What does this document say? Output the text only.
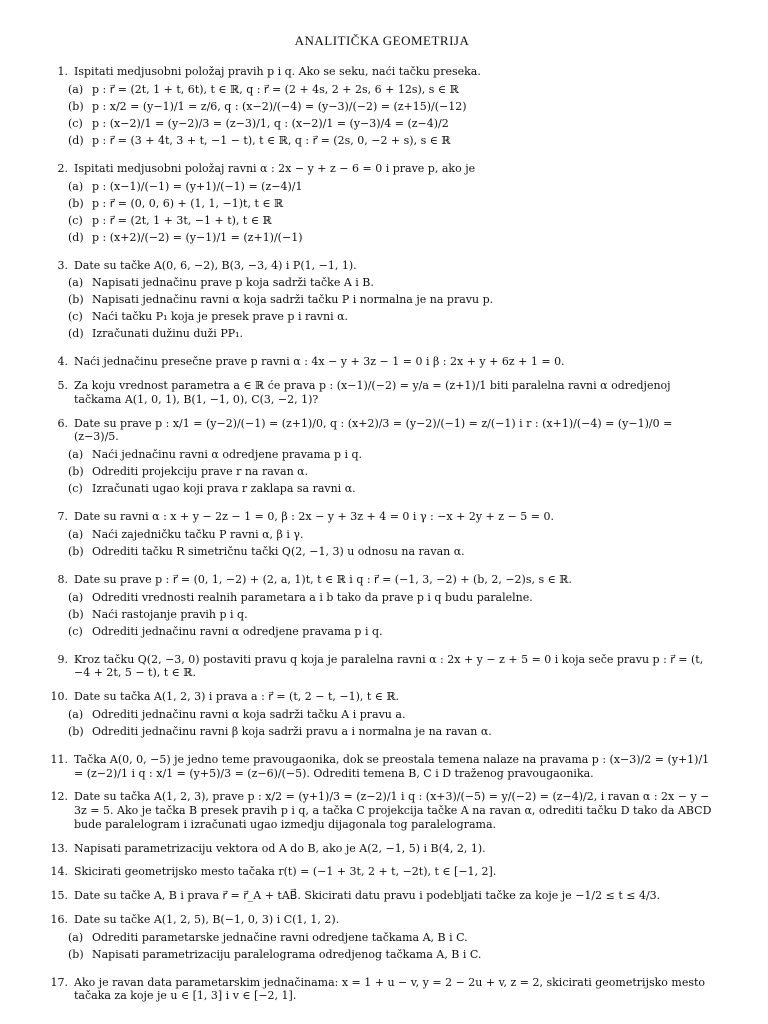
ANALITIČKA GEOMETRIJA
1. Ispitati medjusobni položaj pravih p i q. Ako se seku, naći tačku preseka.
(a) p : r⃗ = (2t, 1 + t, 6t), t ∈ ℝ, q : r⃗ = (2 + 4s, 2 + 2s, 6 + 12s), s ∈ ℝ
(b) p : x/2 = (y−1)/1 = z/6, q : (x−2)/(−4) = (y−3)/(−2) = (z+15)/(−12)
(c) p : (x−2)/1 = (y−2)/3 = (z−3)/1, q : (x−2)/1 = (y−3)/4 = (z−4)/2
(d) p : r⃗ = (3 + 4t, 3 + t, −1 − t), t ∈ ℝ, q : r⃗ = (2s, 0, −2 + s), s ∈ ℝ
2. Ispitati medjusobni položaj ravni α : 2x − y + z − 6 = 0 i prave p, ako je
(a) p : (x−1)/(−1) = (y+1)/(−1) = (z−4)/1
(b) p : r⃗ = (0, 0, 6) + (1, 1, −1)t, t ∈ ℝ
(c) p : r⃗ = (2t, 1 + 3t, −1 + t), t ∈ ℝ
(d) p : (x+2)/(−2) = (y−1)/1 = (z+1)/(−1)
3. Date su tačke A(0, 6, −2), B(3, −3, 4) i P(1, −1, 1).
(a) Napisati jednačinu prave p koja sadrži tačke A i B.
(b) Napisati jednačinu ravni α koja sadrži tačku P i normalna je na pravu p.
(c) Naći tačku P₁ koja je presek prave p i ravni α.
(d) Izračunati dužinu duži PP₁.
4. Naći jednačinu presečne prave p ravni α : 4x − y + 3z − 1 = 0 i β : 2x + y + 6z + 1 = 0.
5. Za koju vrednost parametra a ∈ ℝ će prava p : (x−1)/(−2) = y/a = (z+1)/1 biti paralelna ravni α odredjenoj tačkama A(1, 0, 1), B(1, −1, 0), C(3, −2, 1)?
6. Date su prave p : x/1 = (y−2)/(−1) = (z+1)/0, q : (x+2)/3 = (y−2)/(−1) = z/(−1) i r : (x+1)/(−4) = (y−1)/0 = (z−3)/5.
(a) Naći jednačinu ravni α odredjene pravama p i q.
(b) Odrediti projekciju prave r na ravan α.
(c) Izračunati ugao koji prava r zaklapa sa ravni α.
7. Date su ravni α : x + y − 2z − 1 = 0, β : 2x − y + 3z + 4 = 0 i γ : −x + 2y + z − 5 = 0.
(a) Naći zajedničku tačku P ravni α, β i γ.
(b) Odrediti tačku R simetričnu tački Q(2, −1, 3) u odnosu na ravan α.
8. Date su prave p : r⃗ = (0, 1, −2) + (2, a, 1)t, t ∈ ℝ i q : r⃗ = (−1, 3, −2) + (b, 2, −2)s, s ∈ ℝ.
(a) Odrediti vrednosti realnih parametara a i b tako da prave p i q budu paralelne.
(b) Naći rastojanje pravih p i q.
(c) Odrediti jednačinu ravni α odredjene pravama p i q.
9. Kroz tačku Q(2, −3, 0) postaviti pravu q koja je paralelna ravni α : 2x + y − z + 5 = 0 i koja seče pravu p : r⃗ = (t, −4 + 2t, 5 − t), t ∈ ℝ.
10. Date su tačka A(1, 2, 3) i prava a : r⃗ = (t, 2 − t, −1), t ∈ ℝ.
(a) Odrediti jednačinu ravni α koja sadrži tačku A i pravu a.
(b) Odrediti jednačinu ravni β koja sadrži pravu a i normalna je na ravan α.
11. Tačka A(0, 0, −5) je jedno teme pravougaonika, dok se preostala temena nalaze na pravama p : (x−3)/2 = (y+1)/1 = (z−2)/1 i q : x/1 = (y+5)/3 = (z−6)/(−5). Odrediti temena B, C i D traženog pravougaonika.
12. Date su tačka A(1, 2, 3), prave p : x/2 = (y+1)/3 = (z−2)/1 i q : (x+3)/(−5) = y/(−2) = (z−4)/2, i ravan α : 2x − y − 3z = 5. Ako je tačka B presek pravih p i q, a tačka C projekcija tačke A na ravan α, odrediti tačku D tako da ABCD bude paralelogram i izračunati ugao izmedju dijagonala tog paralelograma.
13. Napisati parametrizaciju vektora od A do B, ako je A(2, −1, 5) i B(4, 2, 1).
14. Skicirati geometrijsko mesto tačaka r(t) = (−1 + 3t, 2 + t, −2t), t ∈ [−1, 2].
15. Date su tačke A, B i prava r⃗ = r⃗_A + tAB⃗. Skicirati datu pravu i podebljati tačke za koje je −1/2 ≤ t ≤ 4/3.
16. Date su tačke A(1, 2, 5), B(−1, 0, 3) i C(1, 1, 2).
(a) Odrediti parametarske jednačine ravni odredjene tačkama A, B i C.
(b) Napisati parametrizaciju paralelograma odredjenog tačkama A, B i C.
17. Ako je ravan data parametarskim jednačinama: x = 1 + u − v, y = 2 − 2u + v, z = 2, skicirati geometrijsko mesto tačaka za koje je u ∈ [1, 3] i v ∈ [−2, 1].
